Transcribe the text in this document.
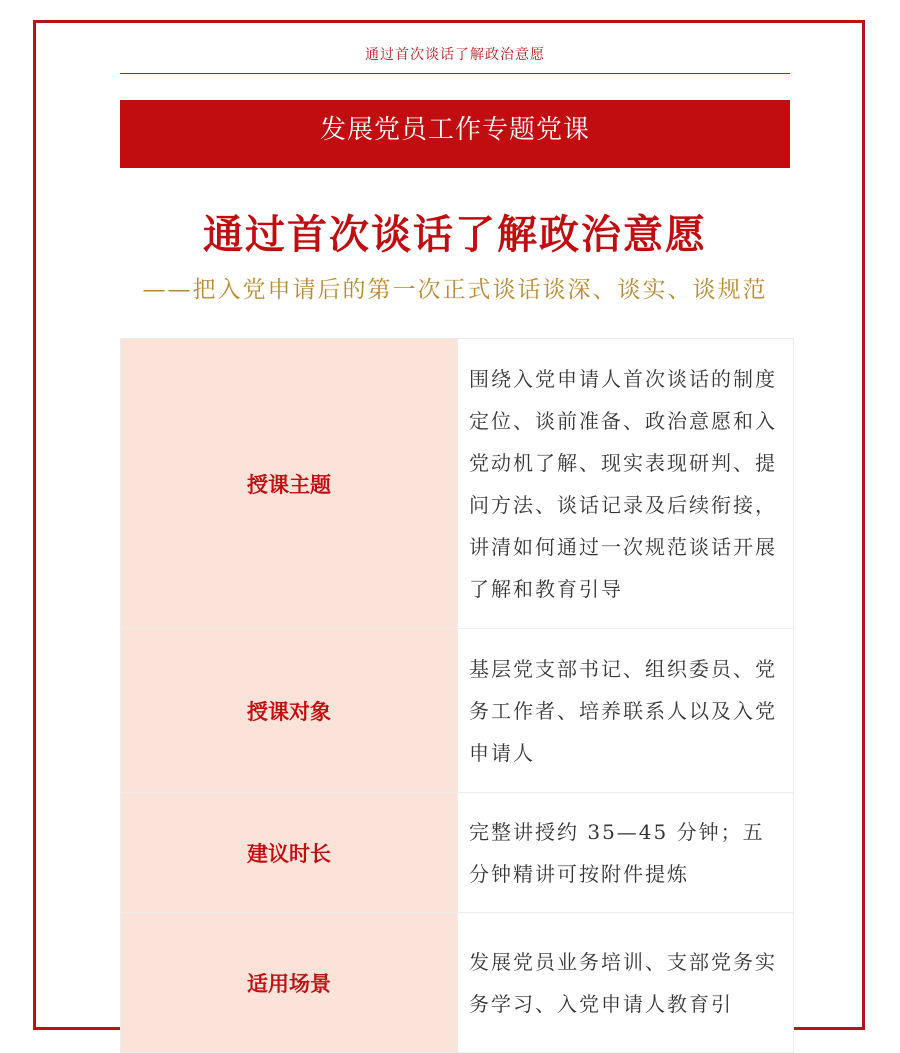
通过首次谈话了解政治意愿
发展党员工作专题党课
通过首次谈话了解政治意愿
——把入党申请后的第一次正式谈话谈深、谈实、谈规范
授课主题	围绕入党申请人首次谈话的制度定位、谈前准备、政治意愿和入党动机了解、现实表现研判、提问方法、谈话记录及后续衔接，讲清如何通过一次规范谈话开展了解和教育引导
授课对象	基层党支部书记、组织委员、党务工作者、培养联系人以及入党申请人
建议时长	完整讲授约 35—45 分钟；五分钟精讲可按附件提炼
适用场景	发展党员业务培训、支部党务实务学习、入党申请人教育引
